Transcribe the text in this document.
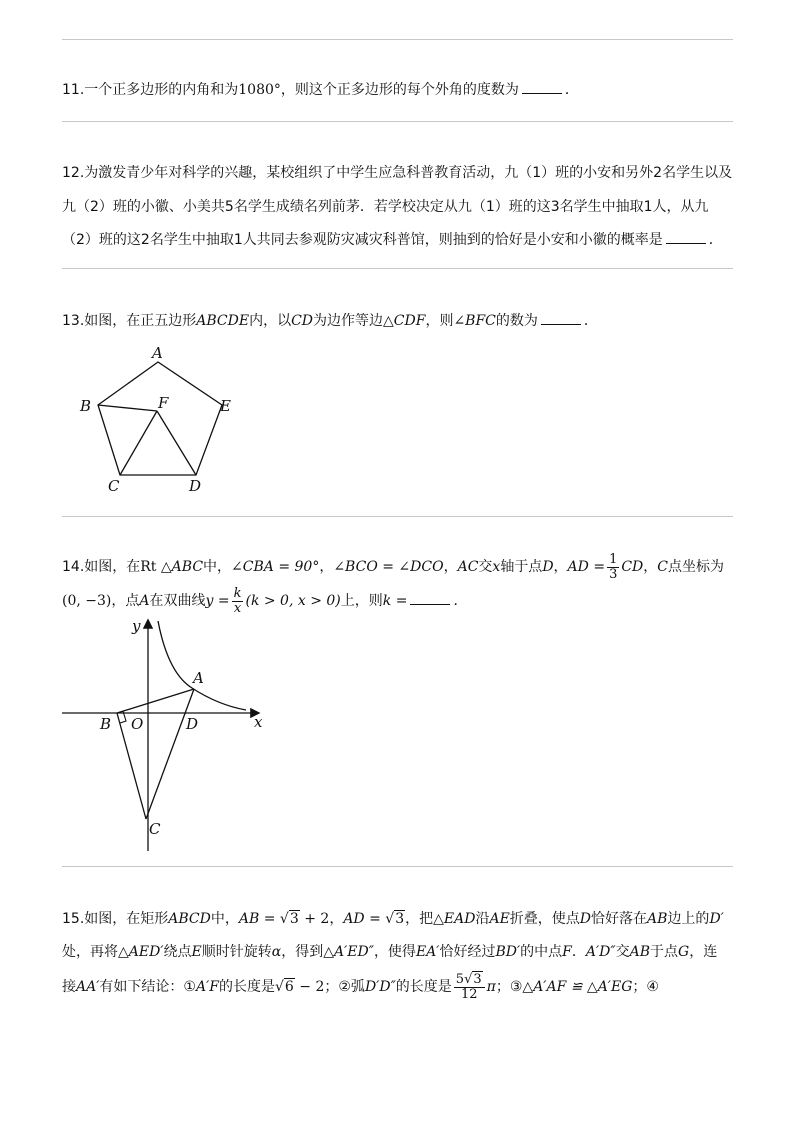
11.一个正多边形的内角和为1080°，则这个正多边形的每个外角的度数为	．
12.为激发青少年对科学的兴趣，某校组织了中学生应急科普教育活动，九（1）班的小安和另外2名学生以及
九（2）班的小徽、小美共5名学生成绩名列前茅．若学校决定从九（1）班的这3名学生中抽取1人，从九
（2）班的这2名学生中抽取1人共同去参观防灾减灾科普馆，则抽到的恰好是小安和小徽的概率是	．
13.如图，在正五边形ABCDE内，以CD为边作等边△CDF，则∠BFC的数为	．
A
B	F	E
C	D
14.如图，在Rt △ABC中，∠CBA = 90°，∠BCO = ∠DCO，AC交x轴于点D，AD = $\frac{1}{3}$ CD，C点坐标为
(0, −3)，点A在双曲线$y = \frac{k}{x} (k > 0$, x > 0)上，则k =	．
y
x
A
B O	D
C
15.如图，在矩形ABCD中，AB = √3 + 2，AD = √3，把△EAD沿AE折叠，使点D恰好落在AB边上的D′
处，再将△AED′绕点E顺时针旋转α，得到△A′ED″，使得EA′恰好经过BD′的中点F．A′D″交AB于点G，连
接AA′有如下结论：①A′F的长度是√6 − 2；②弧D′D″的长度是 $\frac{5√3}{12}$ π；③△A′AF ≌ △A′EG；④
